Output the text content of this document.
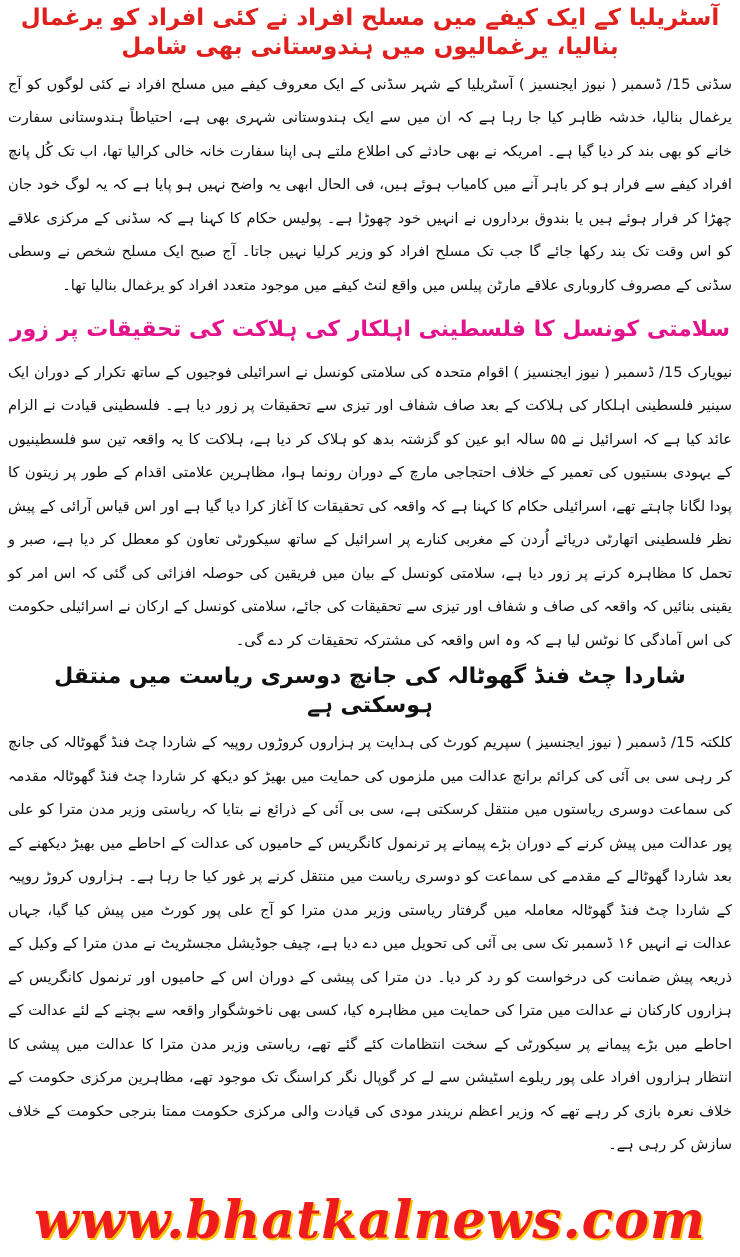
آسٹریلیا کے ایک کیفے میں مسلح افراد نے کئی افراد کو یرغمال بنالیا، یرغمالیوں میں ہندوستانی بھی شامل

سڈنی 15/ ڈسمبر ( نیوز ایجنسیز ) آسٹریلیا کے شہر سڈنی کے ایک معروف کیفے میں مسلح افراد نے کئی لوگوں کو آج یرغمال بنالیا، خدشہ ظاہر کیا جا رہا ہے کہ ان میں سے ایک ہندوستانی شہری بھی ہے، احتیاطاً ہندوستانی سفارت خانے کو بھی بند کر دیا گیا ہے۔ امریکہ نے بھی حادثے کی اطلاع ملتے ہی اپنا سفارت خانہ خالی کرالیا تھا، اب تک کُل پانچ افراد کیفے سے فرار ہو کر باہر آنے میں کامیاب ہوئے ہیں، فی الحال ابھی یہ واضح نہیں ہو پایا ہے کہ یہ لوگ خود جان چھڑا کر فرار ہوئے ہیں یا بندوق برداروں نے انہیں خود چھوڑا ہے۔ پولیس حکام کا کہنا ہے کہ سڈنی کے مرکزی علاقے کو اس وقت تک بند رکھا جائے گا جب تک مسلح افراد کو وزیر کرلیا نہیں جاتا۔ آج صبح ایک مسلح شخص نے وسطی سڈنی کے مصروف کاروباری علاقے مارٹن پیلس میں واقع لنٹ کیفے میں موجود متعدد افراد کو یرغمال بنالیا تھا۔

سلامتی کونسل کا فلسطینی اہلکار کی ہلاکت کی تحقیقات پر زور

نیویارک 15/ ڈسمبر ( نیوز ایجنسیز ) اقوام متحدہ کی سلامتی کونسل نے اسرائیلی فوجیوں کے ساتھ تکرار کے دوران ایک سینیر فلسطینی اہلکار کی ہلاکت کے بعد صاف شفاف اور تیزی سے تحقیقات پر زور دیا ہے۔ فلسطینی قیادت نے الزام عائد کیا ہے کہ اسرائیل نے ۵۵ سالہ ابو عین کو گزشتہ بدھ کو ہلاک کر دیا ہے، ہلاکت کا یہ واقعہ تین سو فلسطینیوں کے یہودی بستیوں کی تعمیر کے خلاف احتجاجی مارچ کے دوران رونما ہوا، مظاہرین علامتی اقدام کے طور پر زیتون کا پودا لگانا چاہتے تھے، اسرائیلی حکام کا کہنا ہے کہ واقعہ کی تحقیقات کا آغاز کرا دیا گیا ہے اور اس قیاس آرائی کے پیش نظر فلسطینی اتھارٹی دریائے اُردن کے مغربی کنارے پر اسرائیل کے ساتھ سیکورٹی تعاون کو معطل کر دیا ہے، صبر و تحمل کا مظاہرہ کرنے پر زور دیا ہے، سلامتی کونسل کے بیان میں فریقین کی حوصلہ افزائی کی گئی کہ اس امر کو یقینی بنائیں کہ واقعہ کی صاف و شفاف اور تیزی سے تحقیقات کی جائے، سلامتی کونسل کے ارکان نے اسرائیلی حکومت کی اس آمادگی کا نوٹس لیا ہے کہ وہ اس واقعہ کی مشترکہ تحقیقات کر دے گی۔

شاردا چٹ فنڈ گھوٹالہ کی جانچ دوسری ریاست میں منتقل ہوسکتی ہے

کلکتہ 15/ ڈسمبر ( نیوز ایجنسیز ) سپریم کورٹ کی ہدایت پر ہزاروں کروڑوں روپیہ کے شاردا چٹ فنڈ گھوٹالہ کی جانچ کر رہی سی بی آئی کی کرائم برانچ عدالت میں ملزموں کی حمایت میں بھیڑ کو دیکھ کر شاردا چٹ فنڈ گھوٹالہ مقدمہ کی سماعت دوسری ریاستوں میں منتقل کرسکتی ہے، سی بی آئی کے ذرائع نے بتایا کہ ریاستی وزیر مدن مترا کو علی پور عدالت میں پیش کرنے کے دوران بڑے پیمانے پر ترنمول کانگریس کے حامیوں کی عدالت کے احاطے میں بھیڑ دیکھنے کے بعد شاردا گھوٹالے کے مقدمے کی سماعت کو دوسری ریاست میں منتقل کرنے پر غور کیا جا رہا ہے۔ ہزاروں کروڑ روپیہ کے شاردا چٹ فنڈ گھوٹالہ معاملہ میں گرفتار ریاستی وزیر مدن مترا کو آج علی پور کورٹ میں پیش کیا گیا، جہاں عدالت نے انہیں ۱۶ ڈسمبر تک سی بی آئی کی تحویل میں دے دیا ہے، چیف جوڈیشل مجسٹریٹ نے مدن مترا کے وکیل کے ذریعہ پیش ضمانت کی درخواست کو رد کر دیا۔ دن مترا کی پیشی کے دوران اس کے حامیوں اور ترنمول کانگریس کے ہزاروں کارکنان نے عدالت میں مترا کی حمایت میں مظاہرہ کیا، کسی بھی ناخوشگوار واقعہ سے بچنے کے لئے عدالت کے احاطے میں بڑے پیمانے پر سیکورٹی کے سخت انتظامات کئے گئے تھے، ریاستی وزیر مدن مترا کا عدالت میں پیشی کا انتظار ہزاروں افراد علی پور ریلوے اسٹیشن سے لے کر گوپال نگر کراسنگ تک موجود تھے، مظاہرین مرکزی حکومت کے خلاف نعرہ بازی کر رہے تھے کہ وزیر اعظم نریندر مودی کی قیادت والی مرکزی حکومت ممتا بنرجی حکومت کے خلاف سازش کر رہی ہے۔

www.bhatkalnews.com
